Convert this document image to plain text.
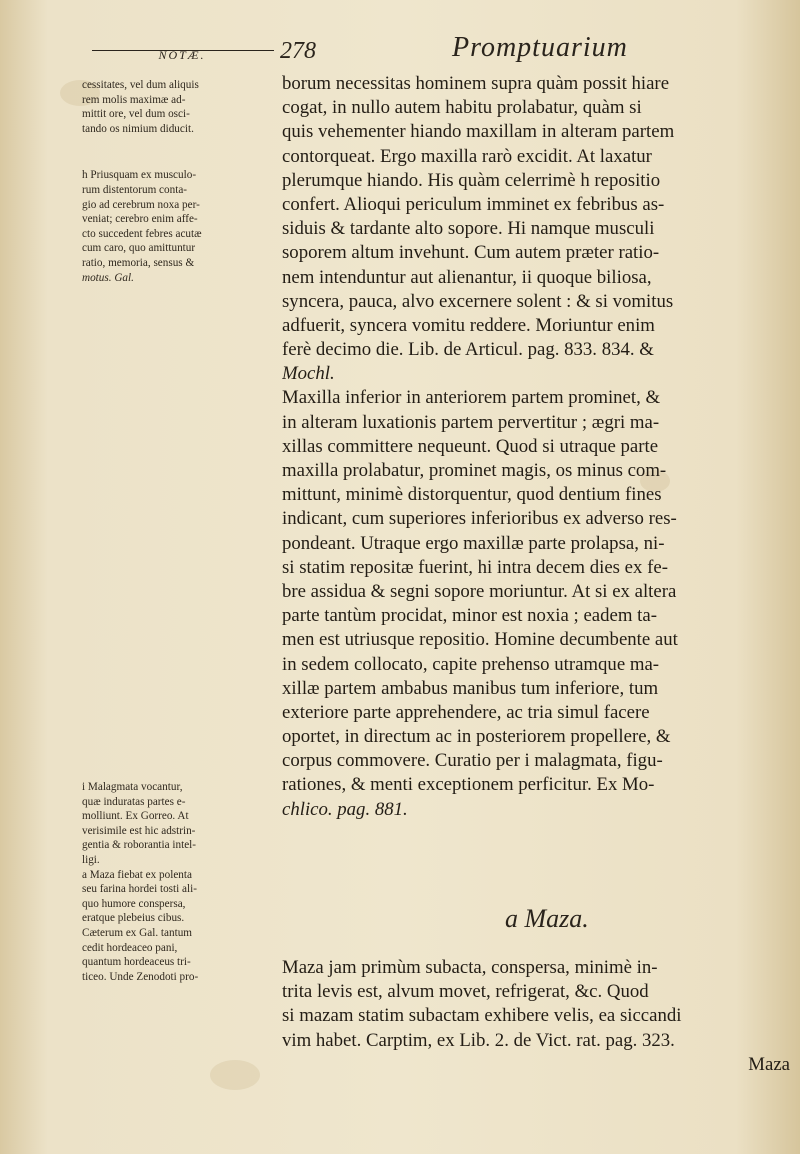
NOTÆ.	278	Promptuarium
cessitates, vel dum aliquis
rem molis maximæ ad-
mittit ore, vel dum osci-
tando os nimium diducit.
h Priusquam ex musculo-
rum distentorum conta-
gio ad cerebrum noxa per-
veniat; cerebro enim affe-
cto succedent febres acutæ
cum caro, quo amittuntur
ratio, memoria, sensus &
motus. Gal.
i Malagmata vocantur,
quæ induratas partes e-
molliunt. Ex Gorreo. At
verisimile est hic adstrin-
gentia & roborantia intel-
ligi.
a Maza fiebat ex polenta
seu farina hordei tosti ali-
quo humore conspersa,
eratque plebeius cibus.
Cæterum ex Gal. tantum
cedit hordeaceo pani,
quantum hordeaceus tri-
ticeo. Unde Zenodoti pro-
borum necessitas hominem supra quàm possit hiare
cogat, in nullo autem habitu prolabatur, quàm si
quis vehementer hiando maxillam in alteram partem
contorqueat. Ergo maxilla rarò excidit. At laxatur
plerumque hiando. His quàm celerrimè h repositio
confert. Alioqui periculum imminet ex febribus as-
siduis & tardante alto sopore. Hi namque musculi
soporem altum invehunt. Cum autem præter ratio-
nem intenduntur aut alienantur, ii quoque biliosa,
syncera, pauca, alvo excernere solent : & si vomitus
adfuerit, syncera vomitu reddere. Moriuntur enim
ferè decimo die. Lib. de Articul. pag. 833. 834. &
Mochl.
Maxilla inferior in anteriorem partem prominet, &
in alteram luxationis partem pervertitur ; ægri ma-
xillas committere nequeunt. Quod si utraque parte
maxilla prolabatur, prominet magis, os minus com-
mittunt, minimè distorquentur, quod dentium fines
indicant, cum superiores inferioribus ex adverso res-
pondeant. Utraque ergo maxillæ parte prolapsa, ni-
si statim repositæ fuerint, hi intra decem dies ex fe-
bre assidua & segni sopore moriuntur. At si ex altera
parte tantùm procidat, minor est noxia ; eadem ta-
men est utriusque repositio. Homine decumbente aut
in sedem collocato, capite prehenso utramque ma-
xillæ partem ambabus manibus tum inferiore, tum
exteriore parte apprehendere, ac tria simul facere
oportet, in directum ac in posteriorem propellere, &
corpus commovere. Curatio per i malagmata, figu-
rationes, & menti exceptionem perficitur. Ex Mo-
chlico. pag. 881.
a Maza.
Maza jam primùm subacta, conspersa, minimè in-
trita levis est, alvum movet, refrigerat, &c. Quod
si mazam statim subactam exhibere velis, ea siccandi
vim habet. Carptim, ex Lib. 2. de Vict. rat. pag. 323.
Maza
